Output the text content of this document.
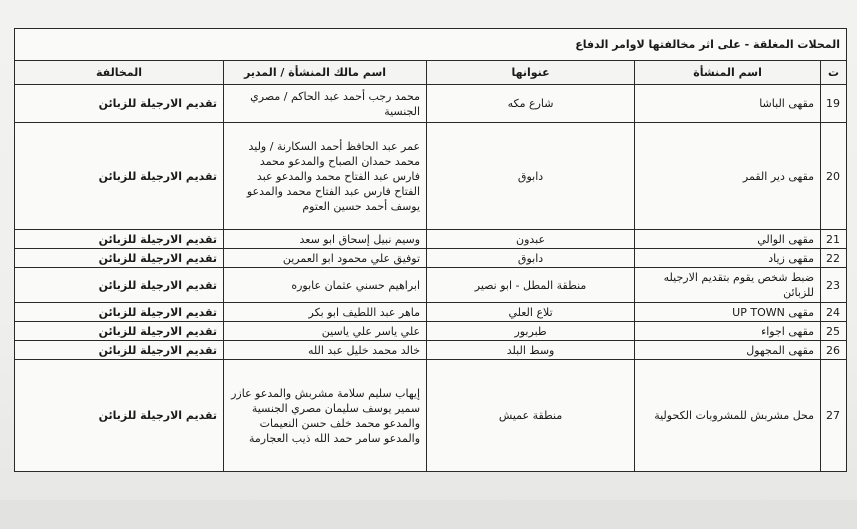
المحلات المغلقة - على اثر مخالفتها لاوامر الدفاع				
ت	اسم المنشأة	عنوانها	اسم مالك المنشأة / المدير	المخالفة
19	مقهى الباشا	شارع مكه	محمد رجب أحمد عبد الحاكم / مصري
الجنسية	تقديم الارجيلة للزبائن
20	مقهى دير القمر	دابوق	عمر عبد الحافظ أحمد السكارنة / وليد
محمد حمدان الصباح والمدعو محمد
فارس عبد الفتاح محمد والمدعو عبد
الفتاح فارس عبد الفتاح محمد والمدعو
يوسف أحمد حسين العتوم	تقديم الارجيلة للزبائن
21	مقهى الوالي	عبدون	وسيم نبيل إسحاق ابو سعد	تقديم الارجيلة للزبائن
22	مقهى زياد	دابوق	توفيق علي محمود ابو العمرين	تقديم الارجيلة للزبائن
23	ضبط شخص يقوم بتقديم الارجيله للزبائن	منطقة المطل - ابو نصير	ابراهيم حسني عثمان عابوره	تقديم الارجيلة للزبائن
24	مقهى UP TOWN	تلاع العلي	ماهر عبد اللطيف ابو بكر	تقديم الارجيلة للزبائن
25	مقهى اجواء	طبربور	علي ياسر علي ياسين	تقديم الارجيلة للزبائن
26	مقهى المجهول	وسط البلد	خالد محمد خليل عبد الله	تقديم الارجيلة للزبائن
27	محل مشربش للمشروبات الكحولية	منطقة عميش	إيهاب سليم سلامة مشربش والمدعو عازر
سمير يوسف سليمان مصري الجنسية
والمدعو محمد خلف حسن النعيمات
والمدعو سامر حمد الله ذيب العجارمة	تقديم الارجيلة للزبائن
